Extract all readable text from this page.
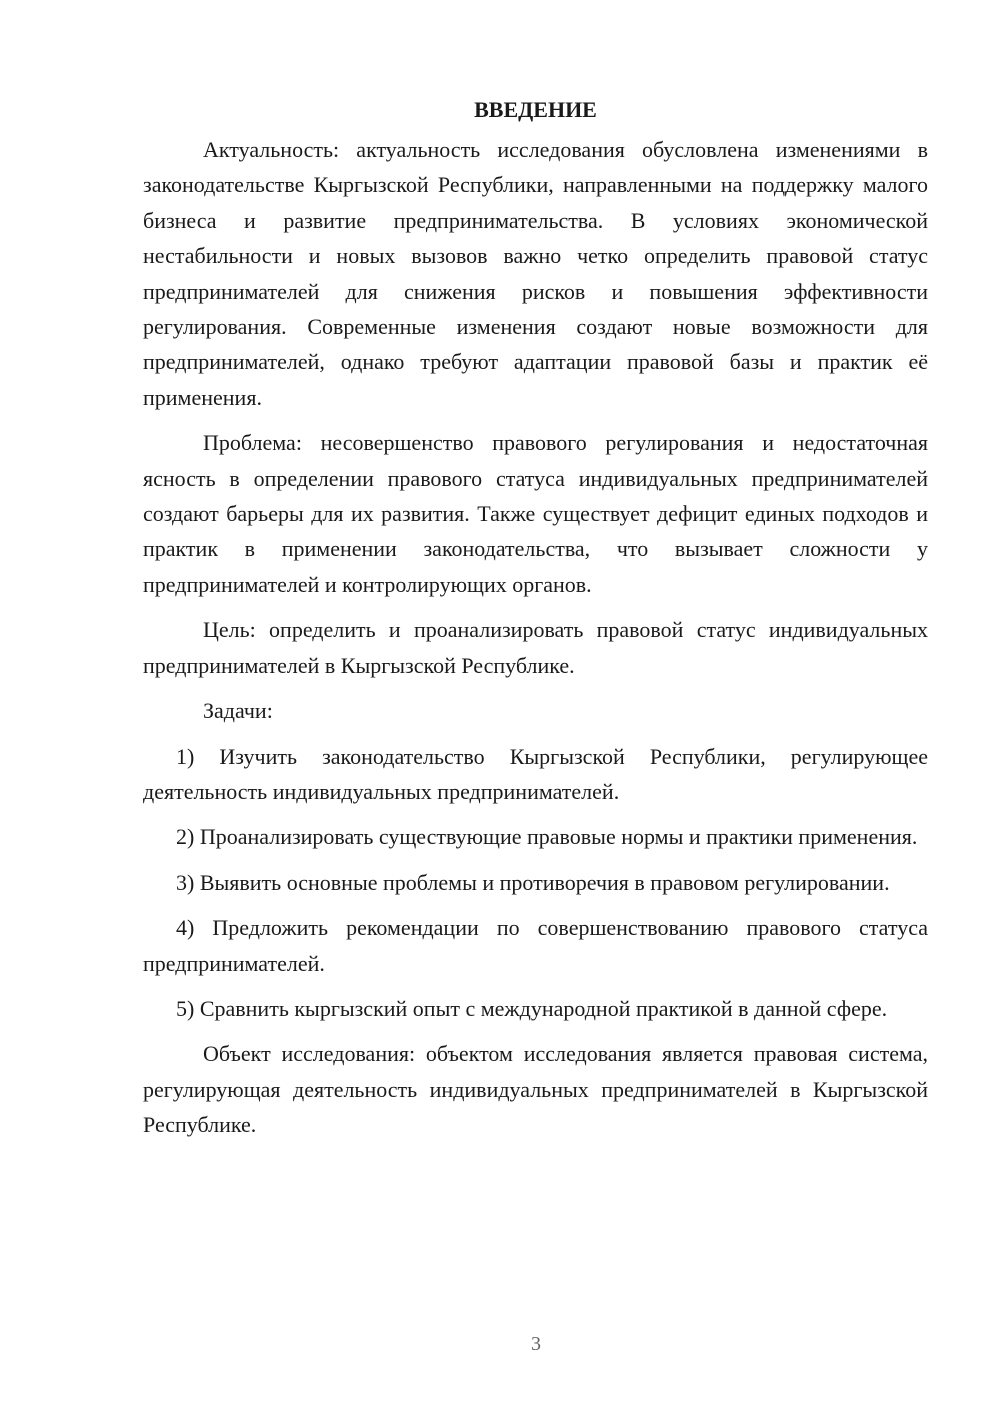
ВВЕДЕНИЕ

Актуальность: актуальность исследования обусловлена изменениями в законодательстве Кыргызской Республики, направленными на поддержку малого бизнеса и развитие предпринимательства. В условиях экономической нестабильности и новых вызовов важно четко определить правовой статус предпринимателей для снижения рисков и повышения эффективности регулирования. Современные изменения создают новые возможности для предпринимателей, однако требуют адаптации правовой базы и практик её применения.

Проблема: несовершенство правового регулирования и недостаточная ясность в определении правового статуса индивидуальных предпринимателей создают барьеры для их развития. Также существует дефицит единых подходов и практик в применении законодательства, что вызывает сложности у предпринимателей и контролирующих органов.

Цель: определить и проанализировать правовой статус индивидуальных предпринимателей в Кыргызской Республике.

Задачи:

1) Изучить законодательство Кыргызской Республики, регулирующее деятельность индивидуальных предпринимателей.

2) Проанализировать существующие правовые нормы и практики применения.

3) Выявить основные проблемы и противоречия в правовом регулировании.

4) Предложить рекомендации по совершенствованию правового статуса предпринимателей.

5) Сравнить кыргызский опыт с международной практикой в данной сфере.

Объект исследования: объектом исследования является правовая система, регулирующая деятельность индивидуальных предпринимателей в Кыргызской Республике.

3
